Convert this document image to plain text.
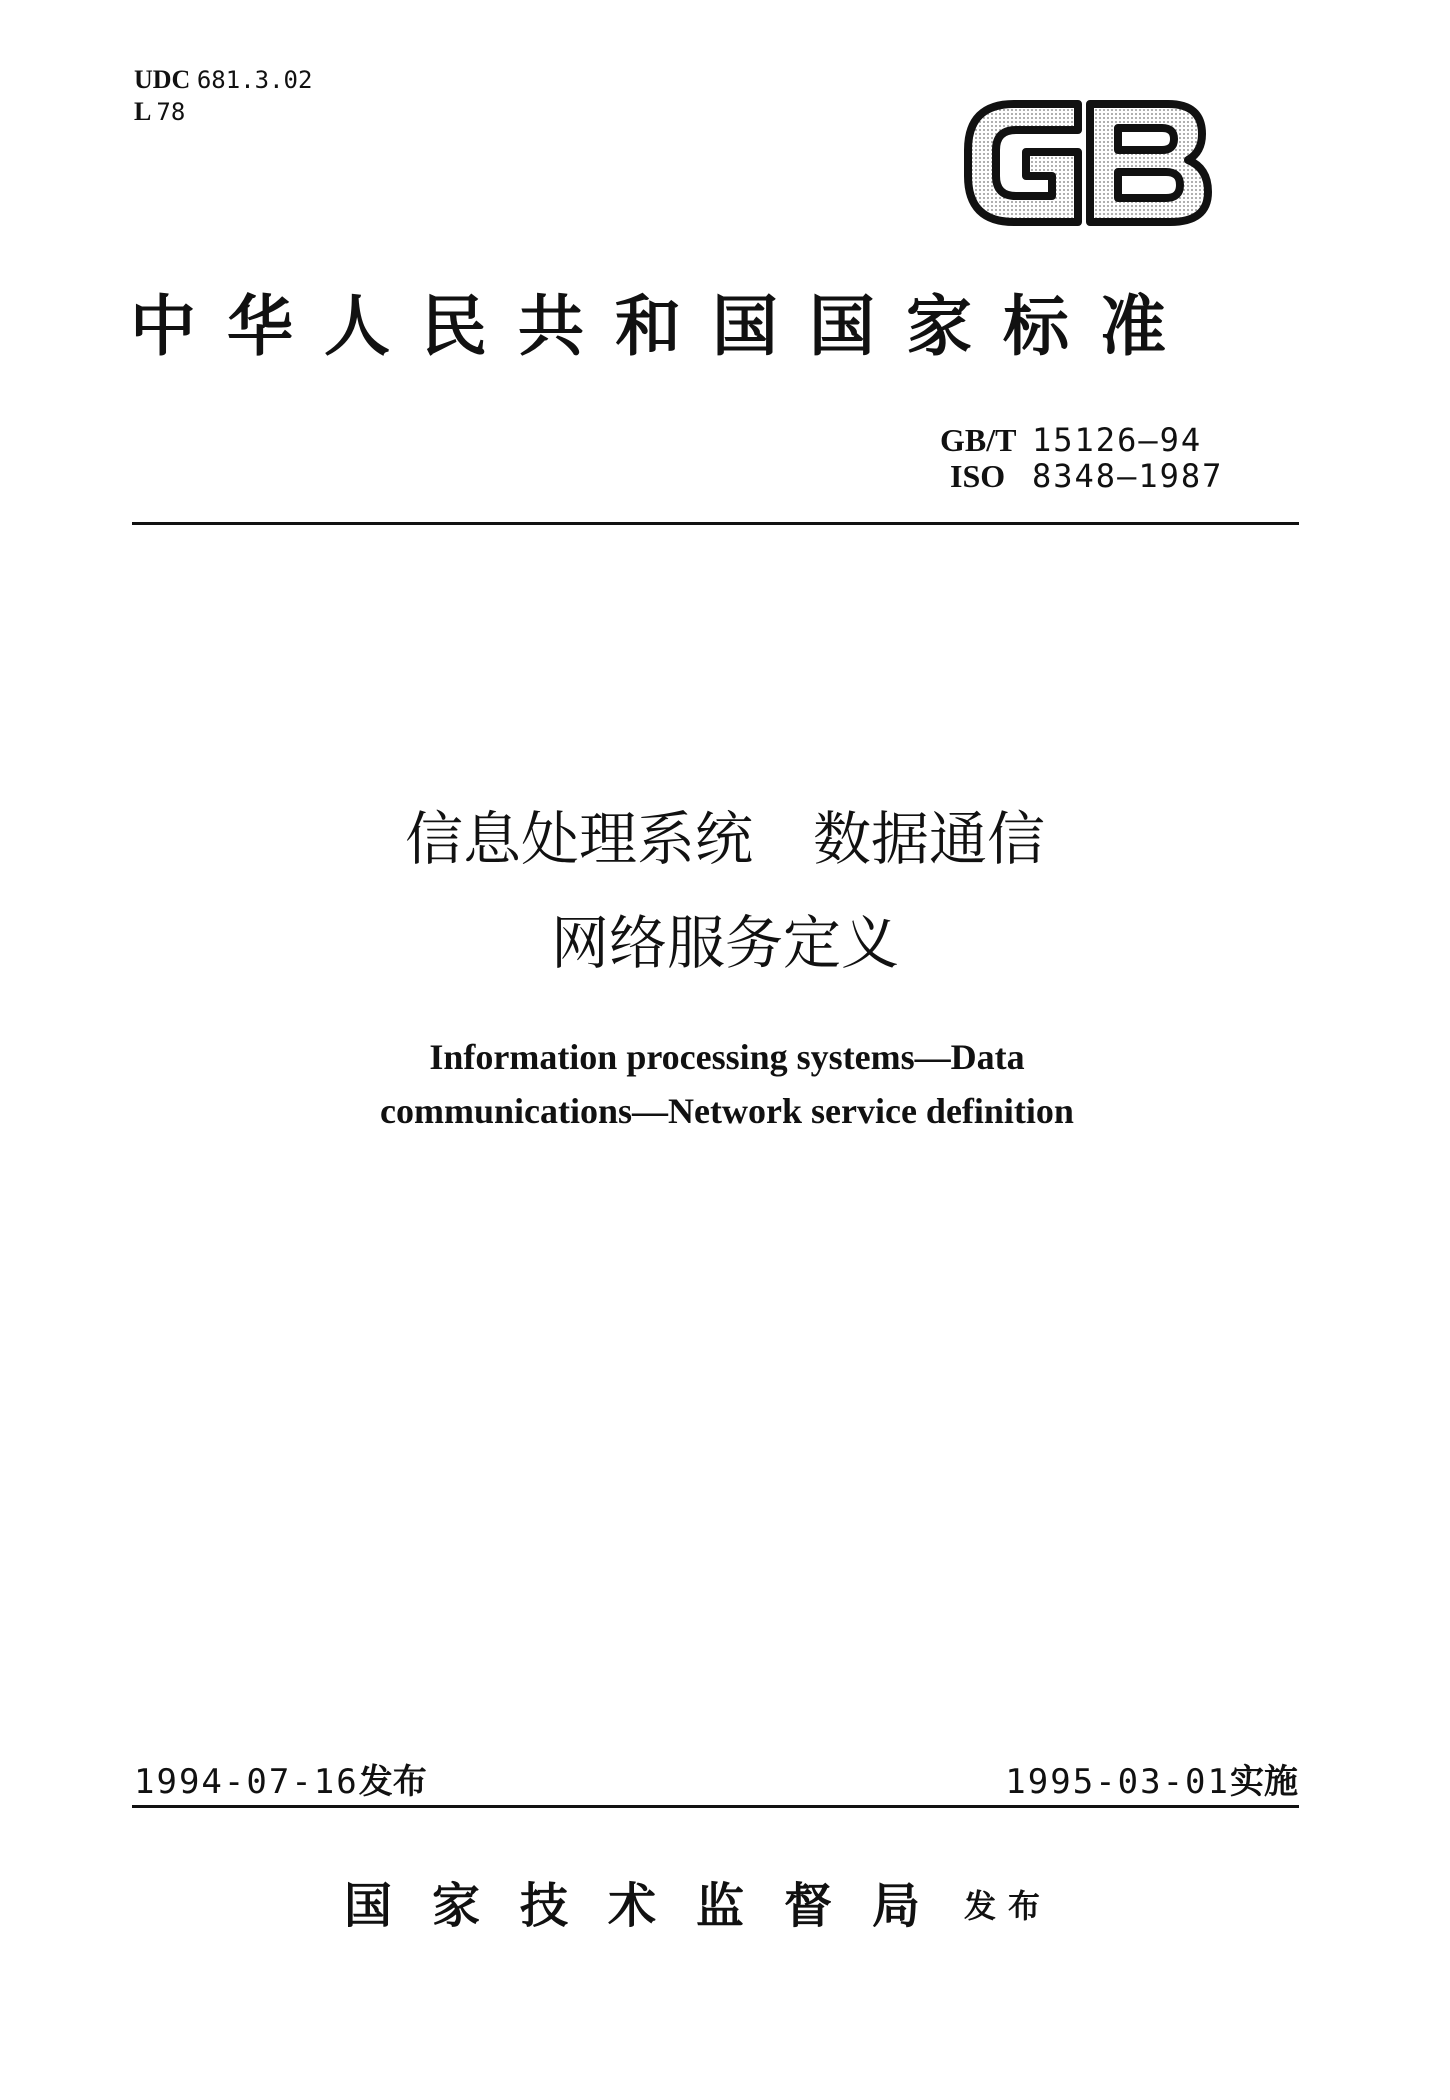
UDC 681.3.02
L 78
中华人民共和国国家标准
GB/T 15126—94
ISO 8348—1987
信息处理系统 数据通信
网络服务定义
Information processing systems—Data
communications—Network service definition
1994-07-16发布	1995-03-01实施
国家技术监督局 发布
